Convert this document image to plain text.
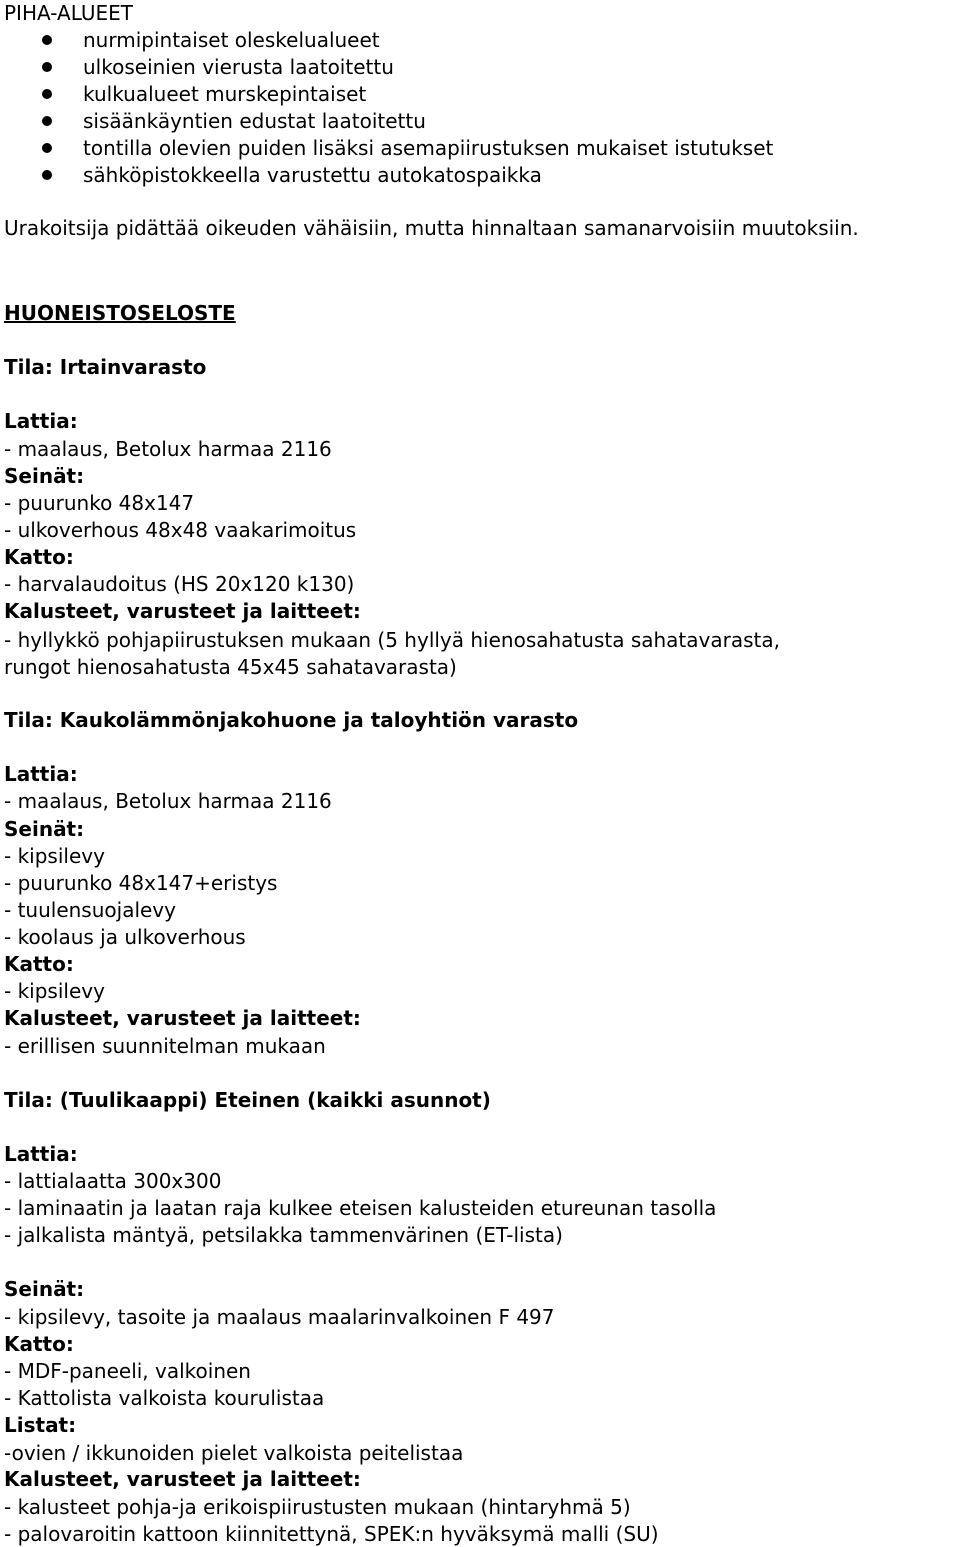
PIHA-ALUEET
nurmipintaiset oleskelualueet
ulkoseinien vierusta laatoitettu
kulkualueet murskepintaiset
sisäänkäyntien edustat laatoitettu
tontilla olevien puiden lisäksi asemapiirustuksen mukaiset istutukset
sähköpistokkeella varustettu autokatospaikka
Urakoitsija pidättää oikeuden vähäisiin, mutta hinnaltaan samanarvoisiin muutoksiin.
HUONEISTOSELOSTE
Tila: Irtainvarasto
Lattia:
- maalaus, Betolux harmaa 2116
Seinät:
- puurunko 48x147
- ulkoverhous 48x48 vaakarimoitus
Katto:
- harvalaudoitus (HS 20x120 k130)
Kalusteet, varusteet ja laitteet:
- hyllykkö pohjapiirustuksen mukaan (5 hyllyä hienosahatusta sahatavarasta,
rungot hienosahatusta 45x45 sahatavarasta)
Tila: Kaukolämmönjakohuone ja taloyhtiön varasto
Lattia:
- maalaus, Betolux harmaa 2116
Seinät:
- kipsilevy
- puurunko 48x147+eristys
- tuulensuojalevy
- koolaus ja ulkoverhous
Katto:
- kipsilevy
Kalusteet, varusteet ja laitteet:
- erillisen suunnitelman mukaan
Tila: (Tuulikaappi) Eteinen (kaikki asunnot)
Lattia:
- lattialaatta 300x300
- laminaatin ja laatan raja kulkee eteisen kalusteiden etureunan tasolla
- jalkalista mäntyä, petsilakka tammenvärinen (ET-lista)
Seinät:
- kipsilevy, tasoite ja maalaus maalarinvalkoinen F 497
Katto:
- MDF-paneeli, valkoinen
- Kattolista valkoista kourulistaa
Listat:
-ovien / ikkunoiden pielet valkoista peitelistaa
Kalusteet, varusteet ja laitteet:
- kalusteet pohja-ja erikoispiirustusten mukaan (hintaryhmä 5)
- palovaroitin kattoon kiinnitettynä, SPEK:n hyväksymä malli (SU)
